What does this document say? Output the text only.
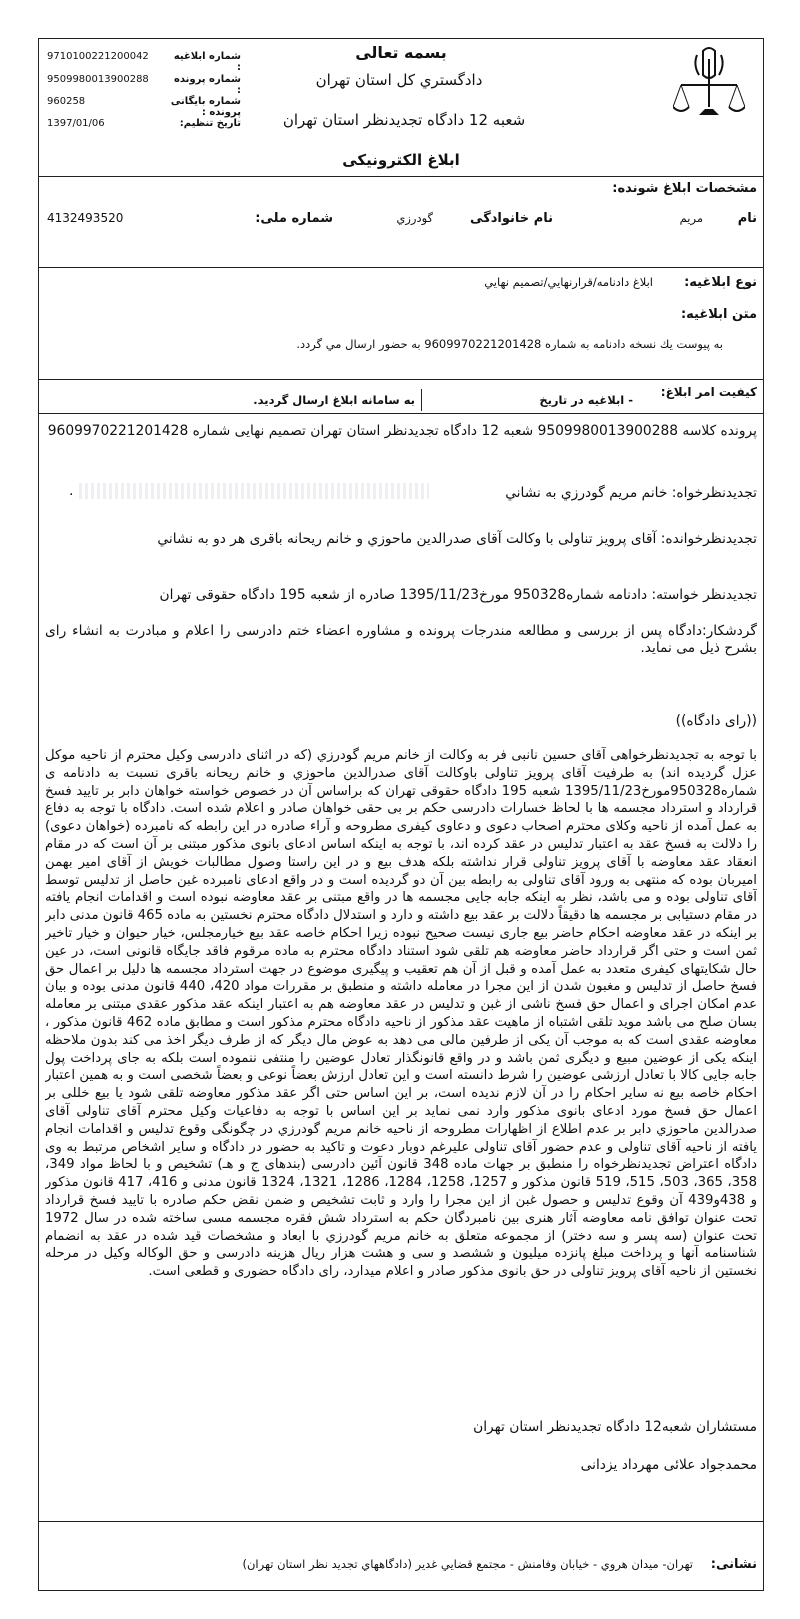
بسمه تعالی
دادگستري كل استان تهران
شعبه 12 دادگاه تجديدنظر استان تهران
شماره ابلاغيه :
9710100221200042
شماره پرونده :
9509980013900288
شماره بايگانی پرونده :
960258
تاريخ تنظيم:
1397/01/06
ابلاغ الکترونيکی
مشخصات ابلاغ شونده:
نام
مريم
نام خانوادگی
گودرزي
شماره ملی:
4132493520
نوع ابلاغيه:
ابلاغ دادنامه/قرارنهايي/تصميم نهايي
متن ابلاغيه:
به پيوست يك نسخه دادنامه به شماره 9609970221201428 به حضور ارسال مي گردد.
كيفيت امر ابلاغ:
- ابلاغيه در تاريخ
به سامانه ابلاغ ارسال گرديد.
پرونده كلاسه 9509980013900288 شعبه 12 دادگاه تجديدنظر استان تهران تصميم نهايی شماره 9609970221201428
تجديدنظرخواه: خانم مريم گودرزي به نشاني
.
تجديدنظرخوانده: آقای پرويز تناولی با وكالت آقای صدرالدين ماحوزي و خانم ريحانه باقری هر دو به نشاني
تجديدنظر خواسته: دادنامه شماره950328 مورخ1395/11/23 صادره از شعبه 195 دادگاه حقوقی تهران
گردشكار:دادگاه پس از بررسی و مطالعه مندرجات پرونده و مشاوره اعضاء ختم دادرسی را اعلام و مبادرت به انشاء رای بشرح ذيل می نمايد.
((رای دادگاه))
با توجه به تجديدنظرخواهی آقای حسين نانبی فر به وكالت از خانم مريم گودرزي (كه در اثنای دادرسی وكيل محترم از ناحيه موكل عزل گرديده اند) به طرفيت آقای پرويز تناولی باوكالت آقای صدرالدين ماحوزي و خانم ريحانه باقری نسبت به دادنامه ی شماره950328مورخ1395/11/23 شعبه 195 دادگاه حقوقی تهران كه براساس آن در خصوص خواسته خواهان دابر بر تاييد فسخ قرارداد و استرداد مجسمه ها با لحاظ خسارات دادرسی حكم بر بی حقی خواهان صادر و اعلام شده است. دادگاه با توجه به دفاع به عمل آمده از ناحيه وكلای محترم اصحاب دعوی و دعاوی كيفری مطروحه و آراء صادره در اين رابطه كه نامبرده (خواهان دعوی) را دلالت به فسخ عقد به اعتبار تدليس در عقد كرده اند، با توجه به اينكه اساس ادعای بانوی مذكور مبتنی بر آن است كه در مقام انعقاد عقد معاوضه با آقای پرويز تناولی قرار نداشته بلكه هدف بيع و در اين راستا وصول مطالبات خويش از آقای امير بهمن اميربان بوده كه منتهی به ورود آقای تناولی به رابطه بين آن دو گرديده است و در واقع ادعای نامبرده غبن حاصل از تدليس توسط آقای تناولی بوده و می باشد، نظر به اينكه جابه جايی مجسمه ها در واقع مبتنی بر عقد معاوضه نبوده است و اقدامات انجام يافته در مقام دستيابی بر مجسمه ها دقيقاً دلالت بر عقد بيع داشته و دارد و استدلال دادگاه محترم نخستين به ماده 465 قانون مدنی دابر بر اينكه در عقد معاوضه احكام حاضر بيع جاری نيست صحيح نبوده زيرا احكام خاصه عقد بيع خيارمجلس، خيار حيوان و خيار تاخير ثمن است و حتی اگر قرارداد حاضر معاوضه هم تلقی شود استناد دادگاه محترم به ماده مرقوم فاقد جايگاه قانونی است، در عين حال شكايتهای كيفری متعدد به عمل آمده و قبل از آن هم تعقيب و پيگيری موضوع در جهت استرداد مجسمه ها دليل بر اعمال حق فسخ حاصل از تدليس و مغبون شدن از اين مجرا در معامله داشته و منطبق بر مقررات مواد 420، 440 قانون مدنی بوده و بيان عدم امكان اجرای و اعمال حق فسخ ناشی از غبن و تدليس در عقد معاوضه هم به اعتبار اينكه عقد مذكور عقدی مبتنی بر معامله بسان صلح می باشد مويد تلقی اشتباه از ماهيت عقد مذكور از ناحيه دادگاه محترم مذكور است و مطابق ماده 462 قانون مذكور ، معاوضه عقدی است كه به موجب آن يكی از طرفين مالی می دهد به عوض مال ديگر كه از طرف ديگر اخذ می كند بدون ملاحظه اينكه يكی از عوضين مبيع و ديگری ثمن باشد و در واقع قانونگذار تعادل عوضين را منتفی ننموده است بلكه به جای پرداخت پول جابه جايی كالا با تعادل ارزشی عوضين را شرط دانسته است و اين تعادل ارزش بعضاً نوعی و بعضاً شخصی است و به همين اعتبار احكام خاصه بيع نه ساير احكام را در آن لازم نديده است، بر اين اساس حتی اگر عقد مذكور معاوضه تلقی شود يا بيع خللی بر اعمال حق فسخ مورد ادعای بانوی مذكور وارد نمی نمايد بر اين اساس با توجه به دفاعيات وكيل محترم آقای تناولی آقای صدرالدين ماحوزي دابر بر عدم اطلاع از اظهارات مطروحه از ناحيه خانم مريم گودرزي در چگونگی وقوع تدليس و اقدامات انجام يافته از ناحيه آقای تناولی و عدم حضور آقای تناولی عليرغم دوبار دعوت و تاكيد به حضور در دادگاه و ساير اشخاص مرتبط به وی دادگاه اعتراض تجديدنظرخواه را منطبق بر جهات ماده 348 قانون آئين دادرسی (بندهای ج و هـ) تشخيص و با لحاظ مواد 349، 358، 365، 503، 515، 519 قانون مذكور و 1257، 1258، 1284، 1286، 1321، 1324 قانون مدنی و 416، 417 قانون مذكور و 438و439 آن وقوع تدليس و حصول غبن از اين مجرا را وارد و ثابت تشخيص و ضمن نقض حكم صادره با تاييد فسخ قرارداد تحت عنوان توافق نامه معاوضه آثار هنری بين نامبردگان حكم به استرداد شش فقره مجسمه مسی ساخته شده در سال 1972 تحت عنوان (سه پسر و سه دختر) از مجموعه متعلق به خانم مريم گودرزي با ابعاد و مشخصات قيد شده در عقد به انضمام شناسنامه آنها و پرداخت مبلغ پانزده ميليون و ششصد و سی و هشت هزار ريال هزينه دادرسی و حق الوكاله وكيل در مرحله نخستين از ناحيه آقای پرويز تناولی در حق بانوی مذكور صادر و اعلام ميدارد، رای دادگاه حضوری و قطعی است.
مستشاران شعبه12 دادگاه تجديدنظر استان تهران
محمدجواد علائی مهرداد يزدانی
نشانی:
تهران- ميدان هروي - خيابان وفامنش - مجتمع قضايي غدير (دادگاههاي تجديد نظر استان تهران)
